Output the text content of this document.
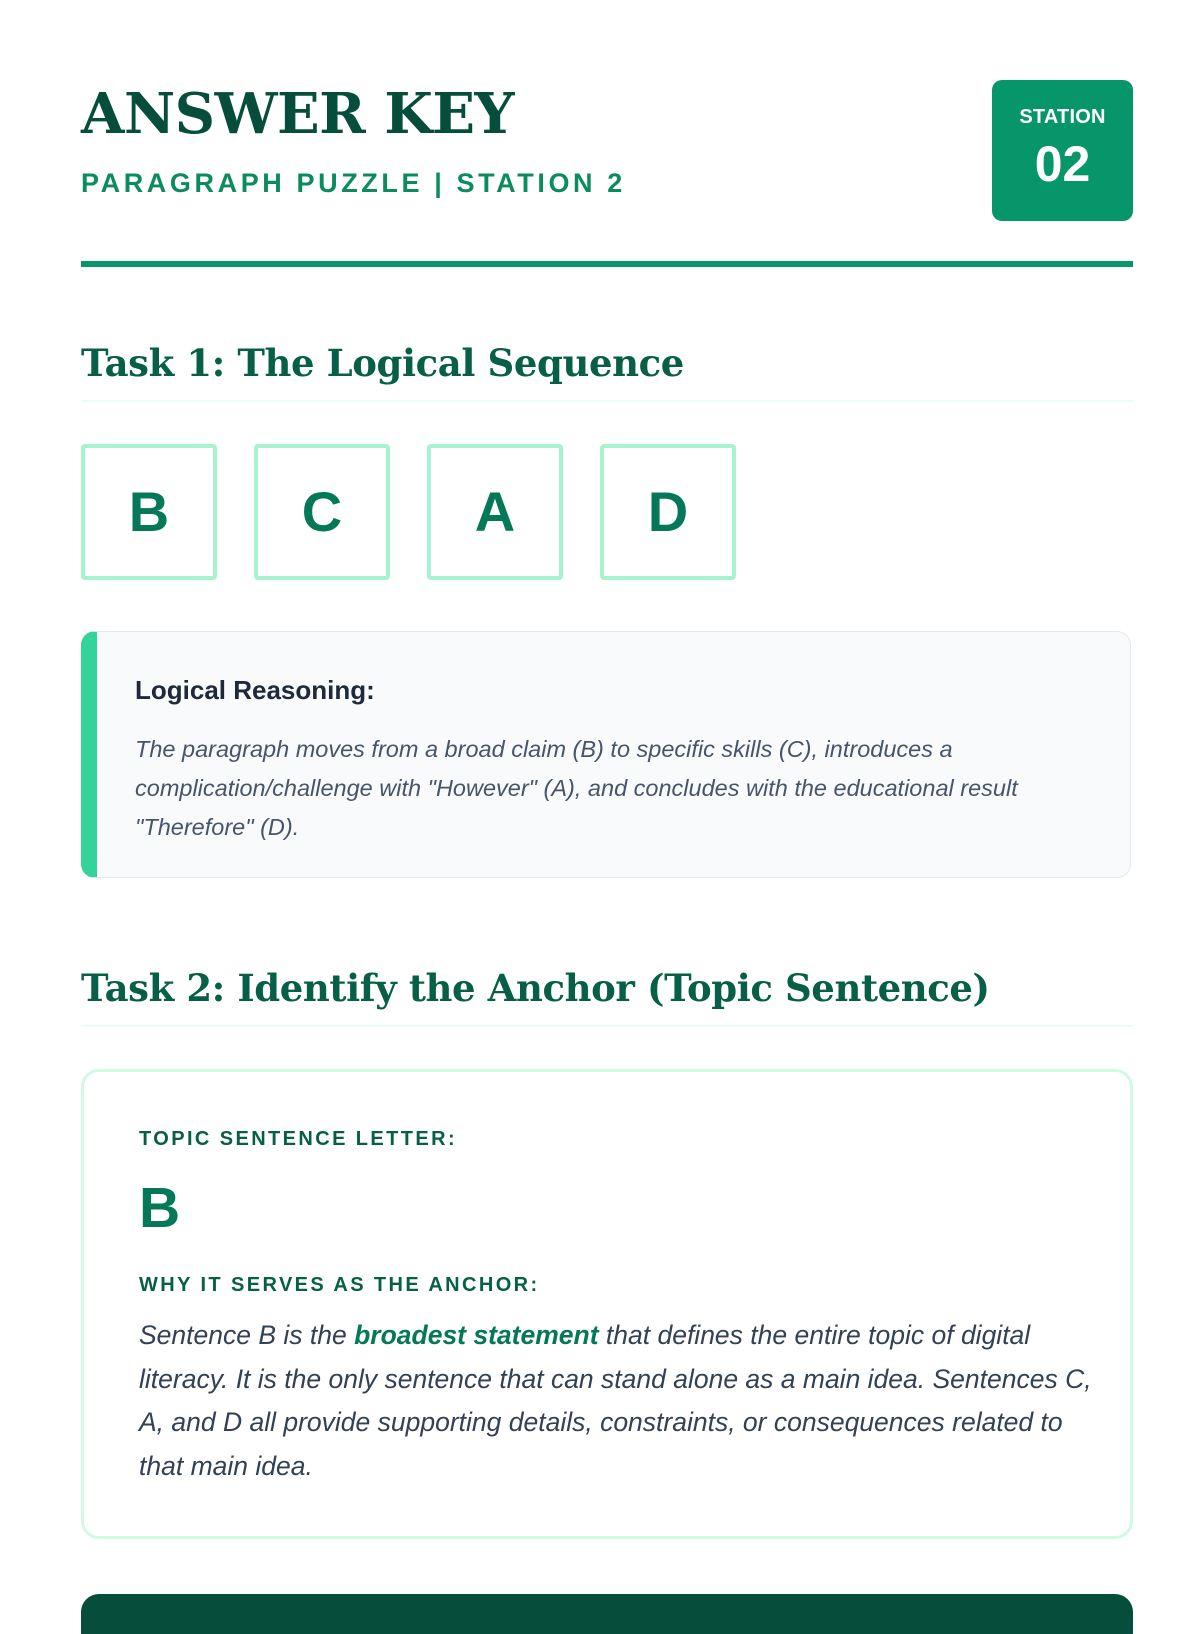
ANSWER KEY
PARAGRAPH PUZZLE | STATION 2
STATION
02
Task 1: The Logical Sequence
B	C	A	D
Logical Reasoning:
The paragraph moves from a broad claim (B) to specific skills (C), introduces a complication/challenge with "However" (A), and concludes with the educational result "Therefore" (D).
Task 2: Identify the Anchor (Topic Sentence)
TOPIC SENTENCE LETTER:
B
WHY IT SERVES AS THE ANCHOR:
Sentence B is the broadest statement that defines the entire topic of digital literacy. It is the only sentence that can stand alone as a main idea. Sentences C, A, and D all provide supporting details, constraints, or consequences related to that main idea.
